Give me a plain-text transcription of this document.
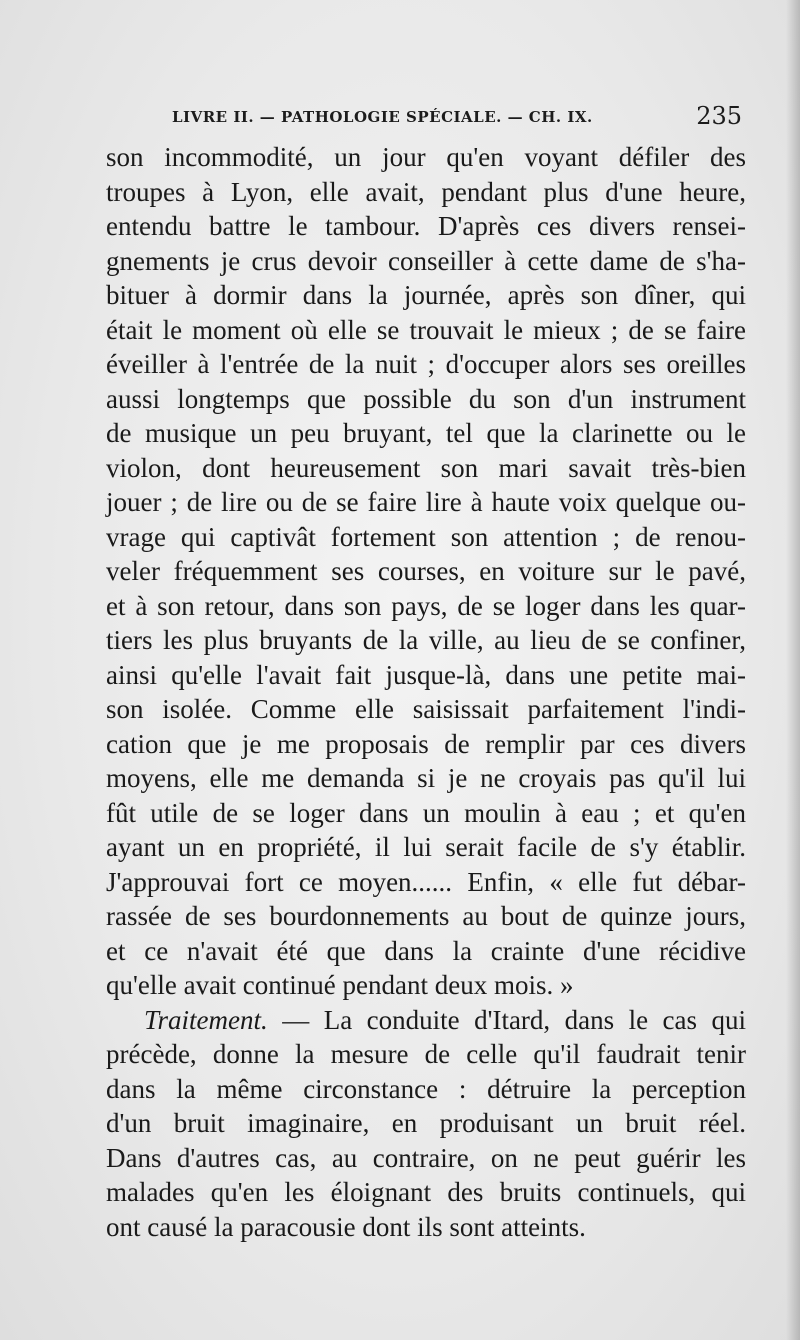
LIVRE II. — PATHOLOGIE SPÉCIALE. — CH. IX.	235
son incommodité, un jour qu'en voyant défiler des
troupes à Lyon, elle avait, pendant plus d'une heure,
entendu battre le tambour. D'après ces divers rensei-
gnements je crus devoir conseiller à cette dame de s'ha-
bituer à dormir dans la journée, après son dîner, qui
était le moment où elle se trouvait le mieux ; de se faire
éveiller à l'entrée de la nuit ; d'occuper alors ses oreilles
aussi longtemps que possible du son d'un instrument
de musique un peu bruyant, tel que la clarinette ou le
violon, dont heureusement son mari savait très-bien
jouer ; de lire ou de se faire lire à haute voix quelque ou-
vrage qui captivât fortement son attention ; de renou-
veler fréquemment ses courses, en voiture sur le pavé,
et à son retour, dans son pays, de se loger dans les quar-
tiers les plus bruyants de la ville, au lieu de se confiner,
ainsi qu'elle l'avait fait jusque-là, dans une petite mai-
son isolée. Comme elle saisissait parfaitement l'indi-
cation que je me proposais de remplir par ces divers
moyens, elle me demanda si je ne croyais pas qu'il lui
fût utile de se loger dans un moulin à eau ; et qu'en
ayant un en propriété, il lui serait facile de s'y établir.
J'approuvai fort ce moyen...... Enfin, « elle fut débar-
rassée de ses bourdonnements au bout de quinze jours,
et ce n'avait été que dans la crainte d'une récidive
qu'elle avait continué pendant deux mois. »
Traitement. — La conduite d'Itard, dans le cas qui
précède, donne la mesure de celle qu'il faudrait tenir
dans la même circonstance : détruire la perception
d'un bruit imaginaire, en produisant un bruit réel.
Dans d'autres cas, au contraire, on ne peut guérir les
malades qu'en les éloignant des bruits continuels, qui
ont causé la paracousie dont ils sont atteints.
